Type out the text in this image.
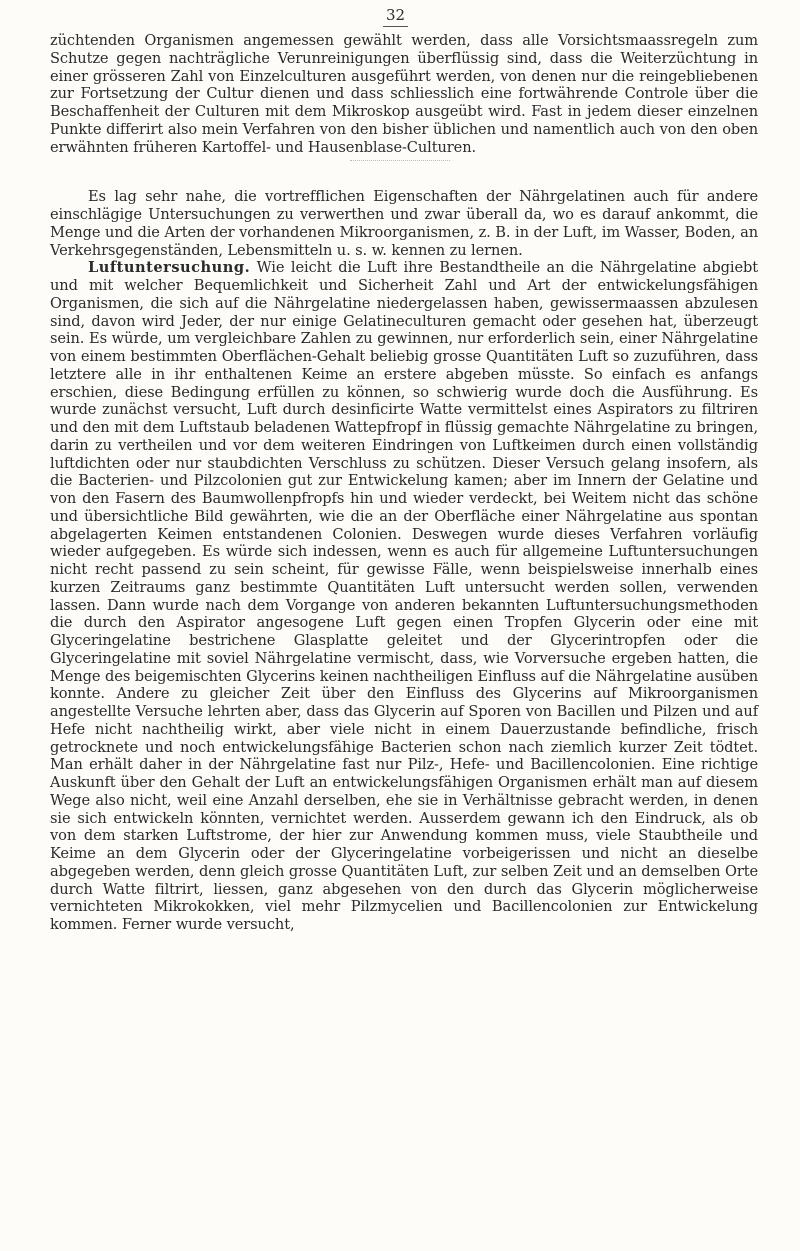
32

züchtenden Organismen angemessen gewählt werden, dass alle Vorsichtsmaassregeln zum Schutze gegen nachträgliche Verunreinigungen überflüssig sind, dass die Weiterzüchtung in einer grösseren Zahl von Einzelculturen ausgeführt werden, von denen nur die reingebliebenen zur Fortsetzung der Cultur dienen und dass schliesslich eine fortwährende Controle über die Beschaffenheit der Culturen mit dem Mikroskop ausgeübt wird. Fast in jedem dieser einzelnen Punkte differirt also mein Verfahren von den bisher üblichen und namentlich auch von den oben erwähnten früheren Kartoffel- und Hausenblase-Culturen.

Es lag sehr nahe, die vortrefflichen Eigenschaften der Nährgelatinen auch für andere einschlägige Untersuchungen zu verwerthen und zwar überall da, wo es darauf ankommt, die Menge und die Arten der vorhandenen Mikroorganismen, z. B. in der Luft, im Wasser, Boden, an Verkehrsgegenständen, Lebensmitteln u. s. w. kennen zu lernen.

Luftuntersuchung. Wie leicht die Luft ihre Bestandtheile an die Nährgelatine abgiebt und mit welcher Bequemlichkeit und Sicherheit Zahl und Art der entwickelungsfähigen Organismen, die sich auf die Nährgelatine niedergelassen haben, gewissermaassen abzulesen sind, davon wird Jeder, der nur einige Gelatineculturen gemacht oder gesehen hat, überzeugt sein. Es würde, um vergleichbare Zahlen zu gewinnen, nur erforderlich sein, einer Nährgelatine von einem bestimmten Oberflächen-Gehalt beliebig grosse Quantitäten Luft so zuzuführen, dass letztere alle in ihr enthaltenen Keime an erstere abgeben müsste. So einfach es anfangs erschien, diese Bedingung erfüllen zu können, so schwierig wurde doch die Ausführung. Es wurde zunächst versucht, Luft durch desinficirte Watte vermittelst eines Aspirators zu filtriren und den mit dem Luftstaub beladenen Wattepfropf in flüssig gemachte Nährgelatine zu bringen, darin zu vertheilen und vor dem weiteren Eindringen von Luftkeimen durch einen vollständig luftdichten oder nur staubdichten Verschluss zu schützen. Dieser Versuch gelang insofern, als die Bacterien- und Pilzcolonien gut zur Entwickelung kamen; aber im Innern der Gelatine und von den Fasern des Baumwollenpfropfs hin und wieder verdeckt, bei Weitem nicht das schöne und übersichtliche Bild gewährten, wie die an der Oberfläche einer Nährgelatine aus spontan abgelagerten Keimen entstandenen Colonien. Deswegen wurde dieses Verfahren vorläufig wieder aufgegeben. Es würde sich indessen, wenn es auch für allgemeine Luftuntersuchungen nicht recht passend zu sein scheint, für gewisse Fälle, wenn beispielsweise innerhalb eines kurzen Zeitraums ganz bestimmte Quantitäten Luft untersucht werden sollen, verwenden lassen. Dann wurde nach dem Vorgange von anderen bekannten Luftuntersuchungsmethoden die durch den Aspirator angesogene Luft gegen einen Tropfen Glycerin oder eine mit Glyceringelatine bestrichene Glasplatte geleitet und der Glycerintropfen oder die Glyceringelatine mit soviel Nährgelatine vermischt, dass, wie Vorversuche ergeben hatten, die Menge des beigemischten Glycerins keinen nachtheiligen Einfluss auf die Nährgelatine ausüben konnte. Andere zu gleicher Zeit über den Einfluss des Glycerins auf Mikroorganismen angestellte Versuche lehrten aber, dass das Glycerin auf Sporen von Bacillen und Pilzen und auf Hefe nicht nachtheilig wirkt, aber viele nicht in einem Dauerzustande befindliche, frisch getrocknete und noch entwickelungsfähige Bacterien schon nach ziemlich kurzer Zeit tödtet. Man erhält daher in der Nährgelatine fast nur Pilz-, Hefe- und Bacillencolonien. Eine richtige Auskunft über den Gehalt der Luft an entwickelungsfähigen Organismen erhält man auf diesem Wege also nicht, weil eine Anzahl derselben, ehe sie in Verhältnisse gebracht werden, in denen sie sich entwickeln könnten, vernichtet werden. Ausserdem gewann ich den Eindruck, als ob von dem starken Luftstrome, der hier zur Anwendung kommen muss, viele Staubtheile und Keime an dem Glycerin oder der Glyceringelatine vorbeigerissen und nicht an dieselbe abgegeben werden, denn gleich grosse Quantitäten Luft, zur selben Zeit und an demselben Orte durch Watte filtrirt, liessen, ganz abgesehen von den durch das Glycerin möglicherweise vernichteten Mikrokokken, viel mehr Pilzmycelien und Bacillencolonien zur Entwickelung kommen. Ferner wurde versucht,
